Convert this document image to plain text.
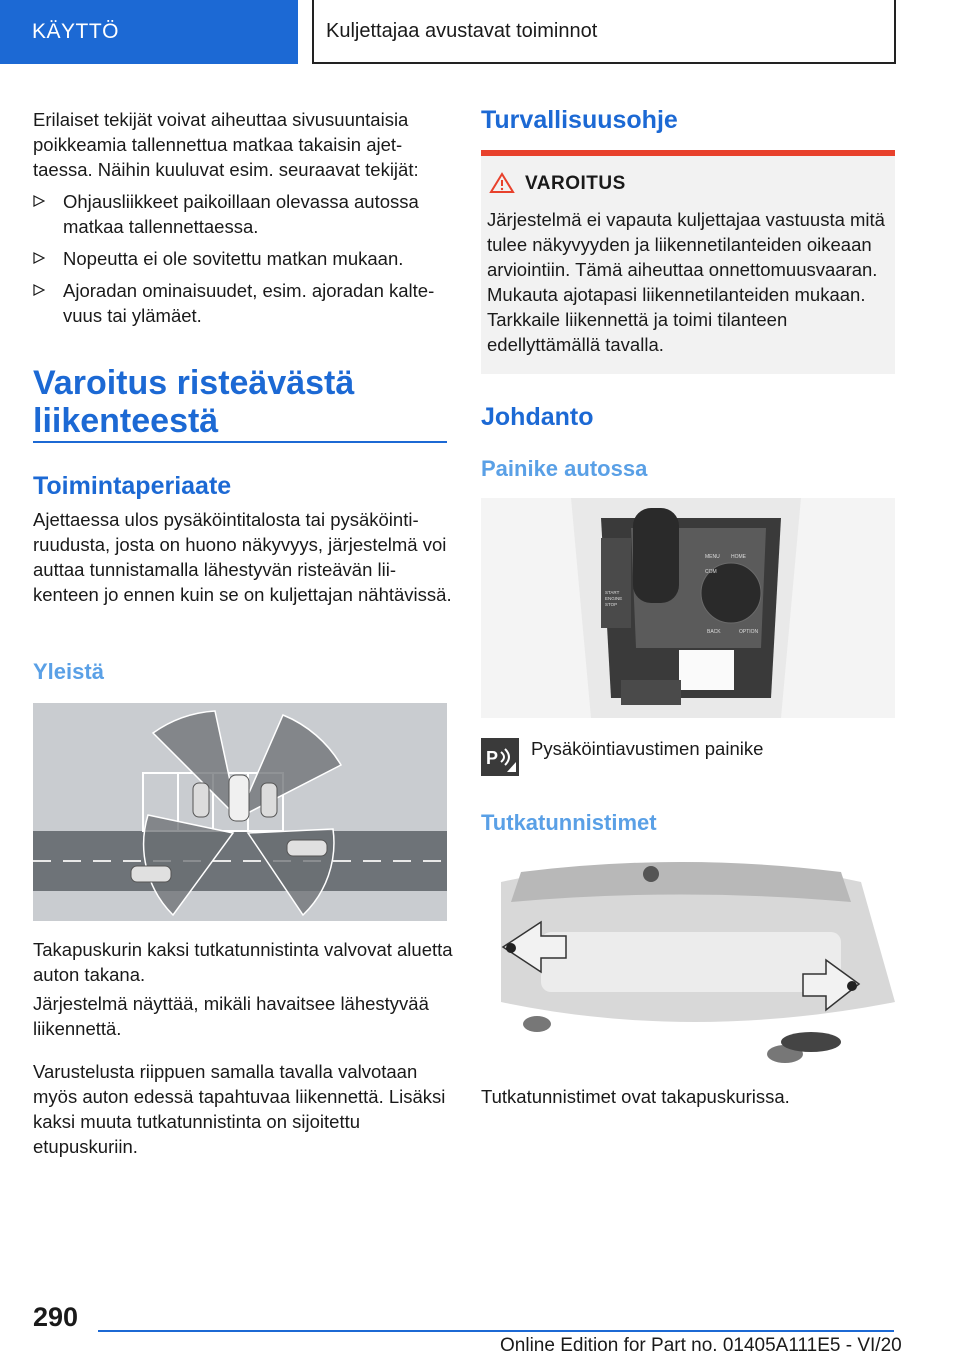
KÄYTTÖ	Kuljettajaa avustavat toiminnot
Erilaiset tekijät voivat aiheuttaa sivusuuntaisia poikkeamia tallennettua matkaa takaisin ajettaessa. Näihin kuuluvat esim. seuraavat tekijät:
Ohjausliikkeet paikoillaan olevassa autossa matkaa tallennettaessa.
Nopeutta ei ole sovitettu matkan mukaan.
Ajoradan ominaisuudet, esim. ajoradan kaltevuus tai ylämäet.
Varoitus risteävästä
liikenteestä
Toimintaperiaate
Ajettaessa ulos pysäköintitalosta tai pysäköintiruudusta, josta on huono näkyvyys, järjestelmä voi auttaa tunnistamalla lähestyvän risteävän liikenteen jo ennen kuin se on kuljettajan nähtävissä.
Yleistä
Takapuskurin kaksi tutkatunnistinta valvovat aluetta auton takana.
Järjestelmä näyttää, mikäli havaitsee lähestyvää liikennettä.
Varustelusta riippuen samalla tavalla valvotaan myös auton edessä tapahtuvaa liikennettä. Lisäksi kaksi muuta tutkatunnistinta on sijoitettu etupuskuriin.
Turvallisuusohje
VAROITUS
Järjestelmä ei vapauta kuljettajaa vastuusta mitä tulee näkyvyyden ja liikennetilanteiden oikeaan arviointiin. Tämä aiheuttaa onnettomuusvaaran. Mukauta ajotapasi liikennetilanteiden mukaan. Tarkkaile liikennettä ja toimi tilanteen edellyttämällä tavalla.
Johdanto
Painike autossa
MENU HOME
COM
BACK	OPTION
START
ENGINE
STOP
P Pysäköintiavustimen painike
Tutkatunnistimet
Tutkatunnistimet ovat takapuskurissa.
290
Online Edition for Part no. 01405A111E5 - VI/20
